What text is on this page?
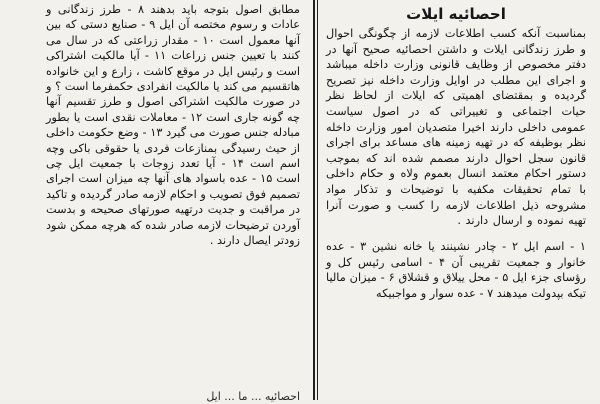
احصائیه ایلات

بمناسبت آنکه کسب اطلاعات لازمه از چگونگی احوال و طرز زندگانی ایلات و داشتن احصائیه صحیح آنها در دفتر مخصوص از وظایف قانونی وزارت داخله میباشد و اجرای این مطلب در اوایل وزارت داخله نیز تصریح گردیده و بمقتضای اهمیتی که ایلات از لحاظ نظر حیات اجتماعی و تغییراتی که در اصول سیاست عمومی داخلی دارند اخیرا متصدیان امور وزارت داخله نظر بوظیفه که در تهیه زمینه های مساعد برای اجرای قانون سجل احوال دارند مصمم شده اند که بموجب دستور احکام معتمد انسال بعموم ولاه و حکام داخلی با تمام تحقیقات مکفیه با توضیحات و تذکار مواد مشروحه ذیل اطلاعات لازمه را کسب و صورت آنرا تهیه نموده و ارسال دارند .

۱ - اسم ایل ۲ - چادر نشینند یا خانه نشین ۳ - عده خانوار و جمعیت تقریبی آن ۴ - اسامی رئیس کل و رؤسای جزء ایل ۵ - محل ییلاق و قشلاق ۶ - میزان مالیا تیکه بپدولت میدهند ۷ - عده سوار و مواجبیکه

مطابق اصول بتوجه باید بدهند ۸ - طرز زندگانی و عادات و رسوم مختصه آن ایل ۹ - صنایع دستی که بین آنها معمول است ۱۰ - مقدار زراعتی که در سال می کنند با تعیین جنس زراعات ۱۱ - آیا مالکیت اشتراکی است و رئیس ایل در موقع کاشت ، زارع و این خانواده هاتقسیم می کند یا مالکیت انفرادی حکمفرما است ؟ و در صورت مالکیت اشتراکی اصول و طرز تقسیم آنها چه گونه جاری است ۱۲ - معاملات نقدی است یا بطور مبادله جنس صورت می گیرد ۱۳ - وضع حکومت داخلی از حیث رسیدگی بمنازعات فردی یا حقوقی باکی وچه اسم است ۱۴ - آیا تعدد زوجات با جمعیت ایل چی است ۱۵ - عده باسواد های آنها چه میزان است اجرای تصمیم فوق تصویب و احکام لازمه صادر گردیده و تاکید در مراقبت و جدیت درتهیه صورتهای صحیحه و بدست آوردن ترضیحات لازمه صادر شده که هرچه ممکن شود زودتر ایصال دارند .

احصائیه ... ما ... ایل
